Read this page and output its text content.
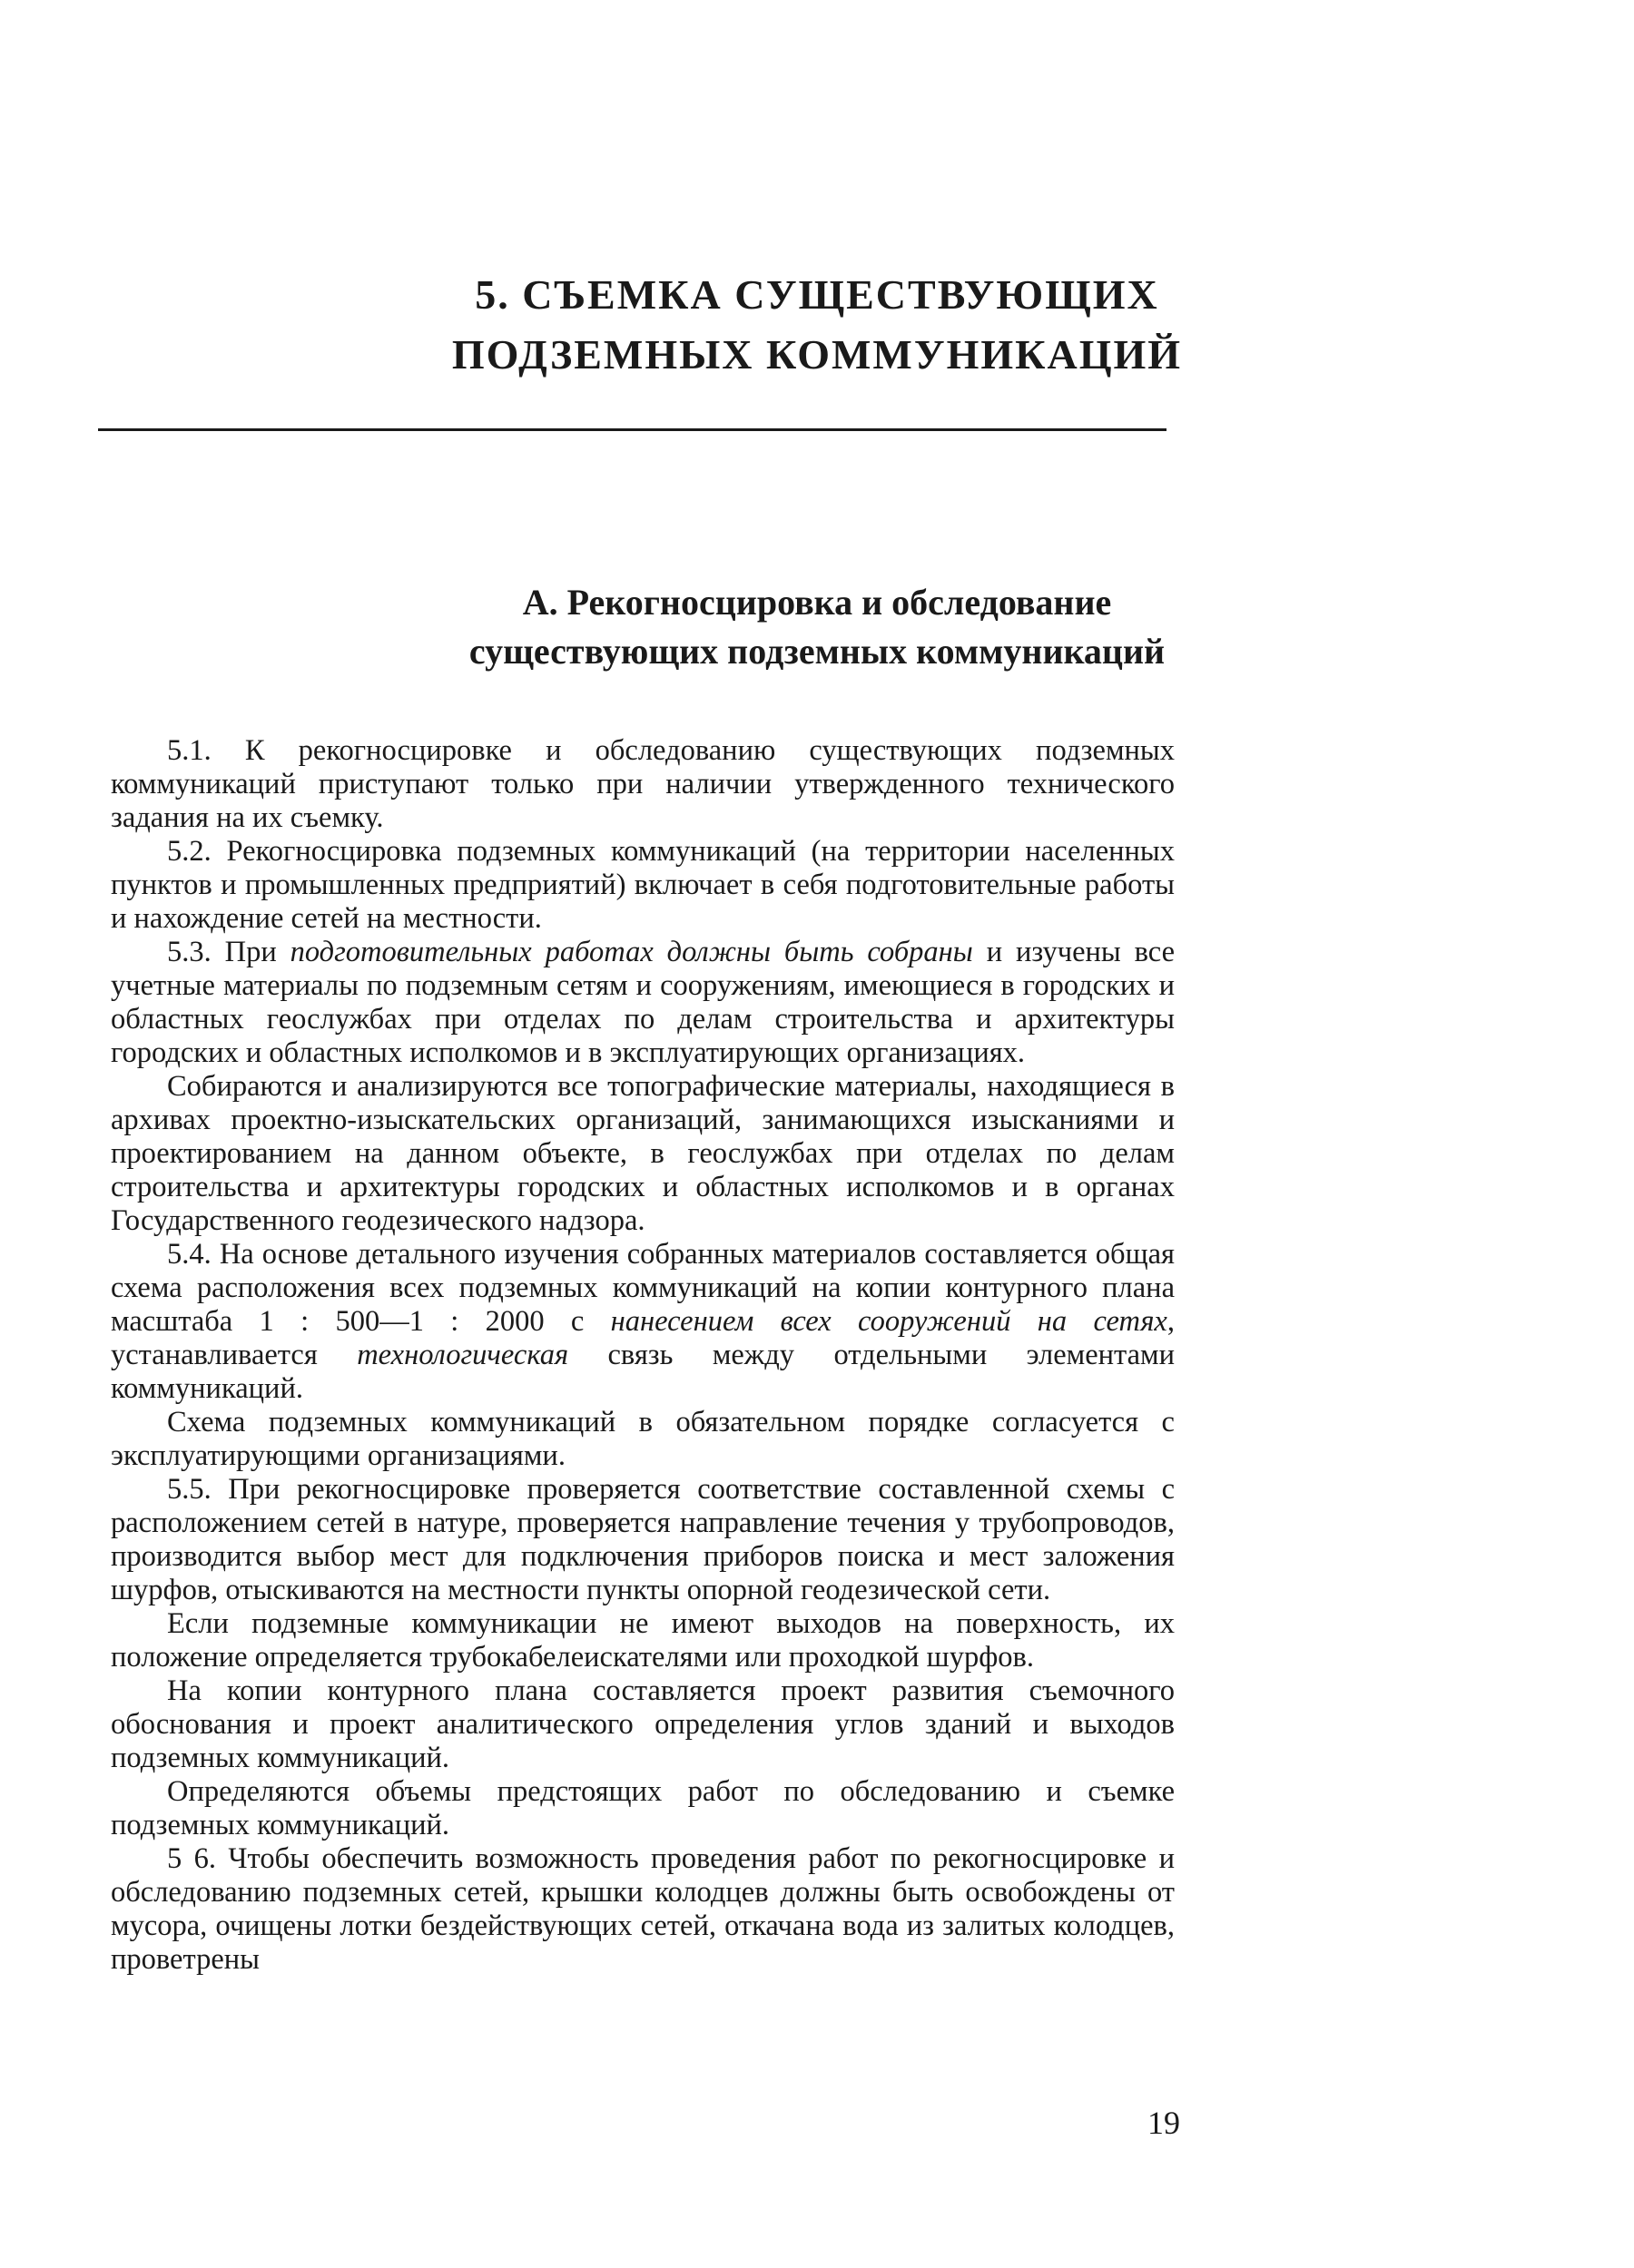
5. СЪЕМКА СУЩЕСТВУЮЩИХ
ПОДЗЕМНЫХ КОММУНИКАЦИЙ
А. Рекогносцировка и обследование
существующих подземных коммуникаций

5.1. К рекогносцировке и обследованию существующих подземных коммуникаций приступают только при наличии утвержденного технического задания на их съемку.

5.2. Рекогносцировка подземных коммуникаций (на территории населенных пунктов и промышленных предприятий) включает в себя подготовительные работы и нахождение сетей на местности.

5.3. При подготовительных работах должны быть собраны и изучены все учетные материалы по подземным сетям и сооружениям, имеющиеся в городских и областных геослужбах при отделах по делам строительства и архитектуры городских и областных исполкомов и в эксплуатирующих организациях.

Собираются и анализируются все топографические материалы, находящиеся в архивах проектно-изыскательских организаций, занимающихся изысканиями и проектированием на данном объекте, в геослужбах при отделах по делам строительства и архитектуры городских и областных исполкомов и в органах Государственного геодезического надзора.

5.4. На основе детального изучения собранных материалов составляется общая схема расположения всех подземных коммуникаций на копии контурного плана масштаба 1 : 500—1 : 2000 с нанесением всех сооружений на сетях, устанавливается технологическая связь между отдельными элементами коммуникаций.

Схема подземных коммуникаций в обязательном порядке согласуется с эксплуатирующими организациями.

5.5. При рекогносцировке проверяется соответствие составленной схемы с расположением сетей в натуре, проверяется направление течения у трубопроводов, производится выбор мест для подключения приборов поиска и мест заложения шурфов, отыскиваются на местности пункты опорной геодезической сети.

Если подземные коммуникации не имеют выходов на поверхность, их положение определяется трубокабелеискателями или проходкой шурфов.

На копии контурного плана составляется проект развития съемочного обоснования и проект аналитического определения углов зданий и выходов подземных коммуникаций.

Определяются объемы предстоящих работ по обследованию и съемке подземных коммуникаций.

5 6. Чтобы обеспечить возможность проведения работ по рекогносцировке и обследованию подземных сетей, крышки колодцев должны быть освобождены от мусора, очищены лотки бездействующих сетей, откачана вода из залитых колодцев, проветрены

19
